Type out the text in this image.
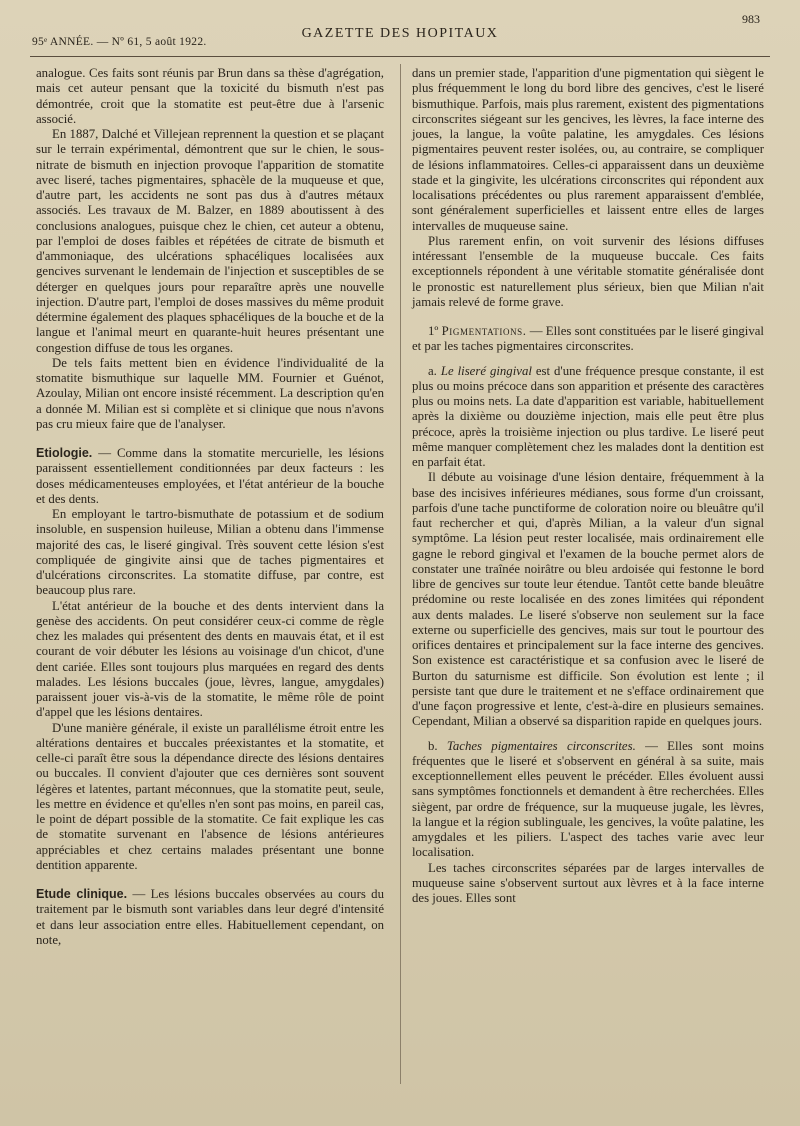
95ᵉ ANNÉE. — Nº 61, 5 août 1922.
GAZETTE DES HOPITAUX
983

analogue. Ces faits sont réunis par Brun dans sa thèse d'agrégation, mais cet auteur pensant que la toxicité du bismuth n'est pas démontrée, croit que la stomatite est peut-être due à l'arsenic associé.

En 1887, Dalché et Villejean reprennent la question et se plaçant sur le terrain expérimental, démontrent que sur le chien, le sous-nitrate de bismuth en injection provoque l'apparition de stomatite avec liseré, taches pigmentaires, sphacèle de la muqueuse et que, d'autre part, les accidents ne sont pas dus à d'autres métaux associés. Les travaux de M. Balzer, en 1889 aboutissent à des conclusions analogues, puisque chez le chien, cet auteur a obtenu, par l'emploi de doses faibles et répétées de citrate de bismuth et d'ammoniaque, des ulcérations sphacéliques localisées aux gencives survenant le lendemain de l'injection et susceptibles de se déterger en quelques jours pour reparaître après une nouvelle injection. D'autre part, l'emploi de doses massives du même produit détermine également des plaques sphacéliques de la bouche et de la langue et l'animal meurt en quarante-huit heures présentant une congestion diffuse de tous les organes.

De tels faits mettent bien en évidence l'individualité de la stomatite bismuthique sur laquelle MM. Fournier et Guénot, Azoulay, Milian ont encore insisté récemment. La description qu'en a donnée M. Milian est si complète et si clinique que nous n'avons pas cru mieux faire que de l'analyser.

Etiologie. — Comme dans la stomatite mercurielle, les lésions paraissent essentiellement conditionnées par deux facteurs : les doses médicamenteuses employées, et l'état antérieur de la bouche et des dents.

En employant le tartro-bismuthate de potassium et de sodium insoluble, en suspension huileuse, Milian a obtenu dans l'immense majorité des cas, le liseré gingival. Très souvent cette lésion s'est compliquée de gingivite ainsi que de taches pigmentaires et d'ulcérations circonscrites. La stomatite diffuse, par contre, est beaucoup plus rare.

L'état antérieur de la bouche et des dents intervient dans la genèse des accidents. On peut considérer ceux-ci comme de règle chez les malades qui présentent des dents en mauvais état, et il est courant de voir débuter les lésions au voisinage d'un chicot, d'une dent cariée. Elles sont toujours plus marquées en regard des dents malades. Les lésions buccales (joue, lèvres, langue, amygdales) paraissent jouer vis-à-vis de la stomatite, le même rôle de point d'appel que les lésions dentaires.

D'une manière générale, il existe un parallélisme étroit entre les altérations dentaires et buccales préexistantes et la stomatite, et celle-ci paraît être sous la dépendance directe des lésions dentaires ou buccales. Il convient d'ajouter que ces dernières sont souvent légères et latentes, partant méconnues, que la stomatite peut, seule, les mettre en évidence et qu'elles n'en sont pas moins, en pareil cas, le point de départ possible de la stomatite. Ce fait explique les cas de stomatite survenant en l'absence de lésions antérieures appréciables et chez certains malades présentant une bonne dentition apparente.

Etude clinique. — Les lésions buccales observées au cours du traitement par le bismuth sont variables dans leur degré d'intensité et dans leur association entre elles. Habituellement cependant, on note,

dans un premier stade, l'apparition d'une pigmentation qui siègent le plus fréquemment le long du bord libre des gencives, c'est le liseré bismuthique. Parfois, mais plus rarement, existent des pigmentations circonscrites siégeant sur les gencives, les lèvres, la face interne des joues, la langue, la voûte palatine, les amygdales. Ces lésions pigmentaires peuvent rester isolées, ou, au contraire, se compliquer de lésions inflammatoires. Celles-ci apparaissent dans un deuxième stade et la gingivite, les ulcérations circonscrites qui répondent aux localisations précédentes ou plus rarement apparaissent d'emblée, sont généralement superficielles et laissent entre elles de larges intervalles de muqueuse saine.

Plus rarement enfin, on voit survenir des lésions diffuses intéressant l'ensemble de la muqueuse buccale. Ces faits exceptionnels répondent à une véritable stomatite généralisée dont le pronostic est naturellement plus sérieux, bien que Milian n'ait jamais relevé de forme grave.

1º Pigmentations. — Elles sont constituées par le liseré gingival et par les taches pigmentaires circonscrites.

a. Le liseré gingival est d'une fréquence presque constante, il est plus ou moins précoce dans son apparition et présente des caractères plus ou moins nets. La date d'apparition est variable, habituellement après la dixième ou douzième injection, mais elle peut être plus précoce, après la troisième injection ou plus tardive. Le liseré peut même manquer complètement chez les malades dont la dentition est en parfait état.

Il débute au voisinage d'une lésion dentaire, fréquemment à la base des incisives inférieures médianes, sous forme d'un croissant, parfois d'une tache punctiforme de coloration noire ou bleuâtre qu'il faut rechercher et qui, d'après Milian, a la valeur d'un signal symptôme. La lésion peut rester localisée, mais ordinairement elle gagne le rebord gingival et l'examen de la bouche permet alors de constater une traînée noirâtre ou bleu ardoisée qui festonne le bord libre de gencives sur toute leur étendue. Tantôt cette bande bleuâtre prédomine ou reste localisée en des zones limitées qui répondent aux dents malades. Le liseré s'observe non seulement sur la face externe ou superficielle des gencives, mais sur tout le pourtour des orifices dentaires et principalement sur la face interne des gencives. Son existence est caractéristique et sa confusion avec le liseré de Burton du saturnisme est difficile. Son évolution est lente ; il persiste tant que dure le traitement et ne s'efface ordinairement que d'une façon progressive et lente, c'est-à-dire en plusieurs semaines. Cependant, Milian a observé sa disparition rapide en quelques jours.

b. Taches pigmentaires circonscrites. — Elles sont moins fréquentes que le liseré et s'observent en général à sa suite, mais exceptionnellement elles peuvent le précéder. Elles évoluent aussi sans symptômes fonctionnels et demandent à être recherchées. Elles siègent, par ordre de fréquence, sur la muqueuse jugale, les lèvres, la langue et la région sublinguale, les gencives, la voûte palatine, les amygdales et les piliers. L'aspect des taches varie avec leur localisation.

Les taches circonscrites séparées par de larges intervalles de muqueuse saine s'observent surtout aux lèvres et à la face interne des joues. Elles sont
